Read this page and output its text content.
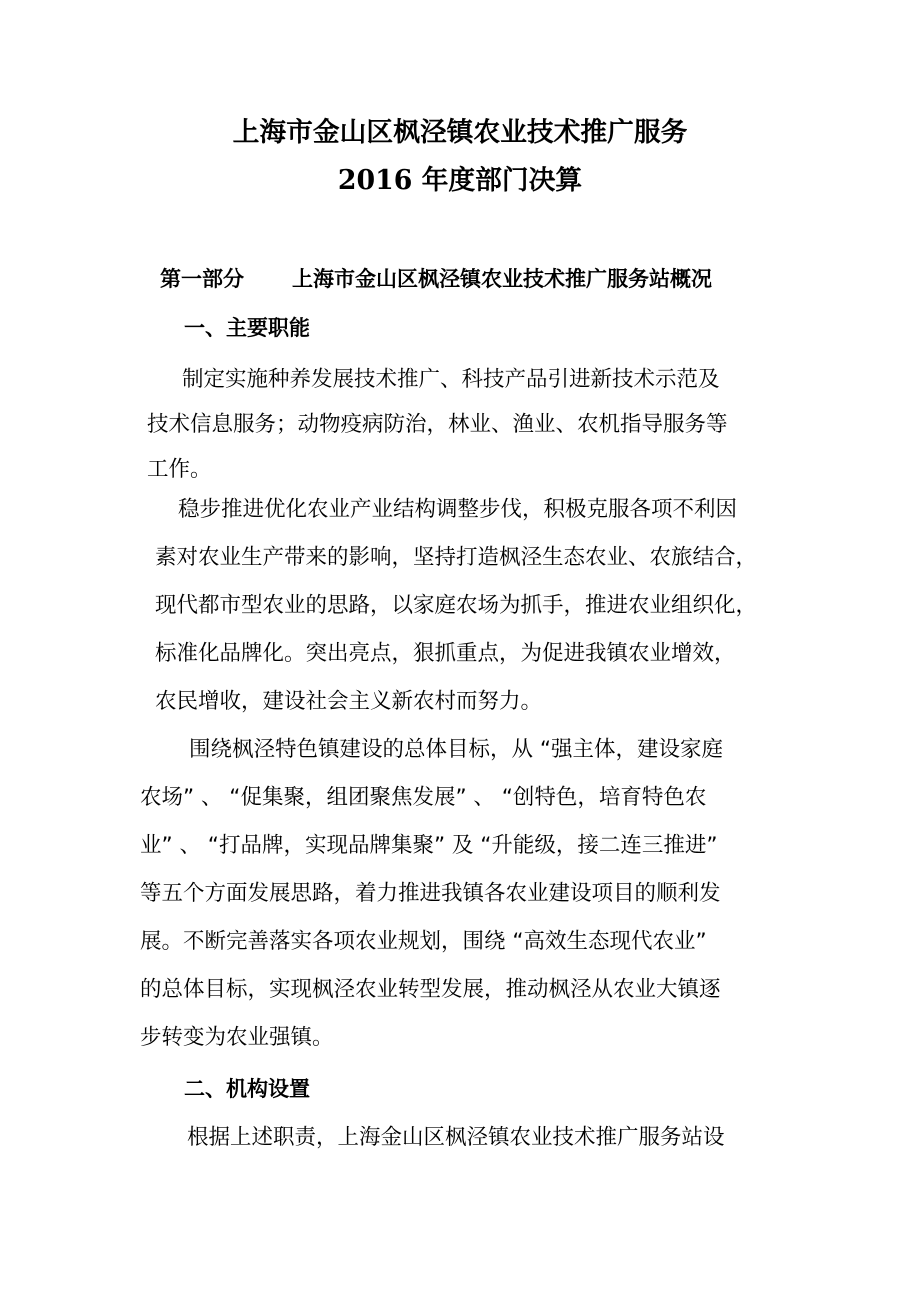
上海市金山区枫泾镇农业技术推广服务
2016 年度部门决算
第一部分 上海市金山区枫泾镇农业技术推广服务站概况
一、主要职能
制定实施种养发展技术推广、科技产品引进新技术示范及
技术信息服务；动物疫病防治，林业、渔业、农机指导服务等
工作。
稳步推进优化农业产业结构调整步伐，积极克服各项不利因
素对农业生产带来的影响，坚持打造枫泾生态农业、农旅结合，
现代都市型农业的思路，以家庭农场为抓手，推进农业组织化，
标准化品牌化。突出亮点，狠抓重点，为促进我镇农业增效，
农民增收，建设社会主义新农村而努力。
围绕枫泾特色镇建设的总体目标，从 “强主体，建设家庭
农场” 、 “促集聚，组团聚焦发展” 、 “创特色，培育特色农
业” 、 “打品牌，实现品牌集聚” 及 “升能级，接二连三推进”
等五个方面发展思路，着力推进我镇各农业建设项目的顺利发
展。不断完善落实各项农业规划，围绕 “高效生态现代农业”
的总体目标，实现枫泾农业转型发展，推动枫泾从农业大镇逐
步转变为农业强镇。
二、机构设置
根据上述职责，上海金山区枫泾镇农业技术推广服务站设
